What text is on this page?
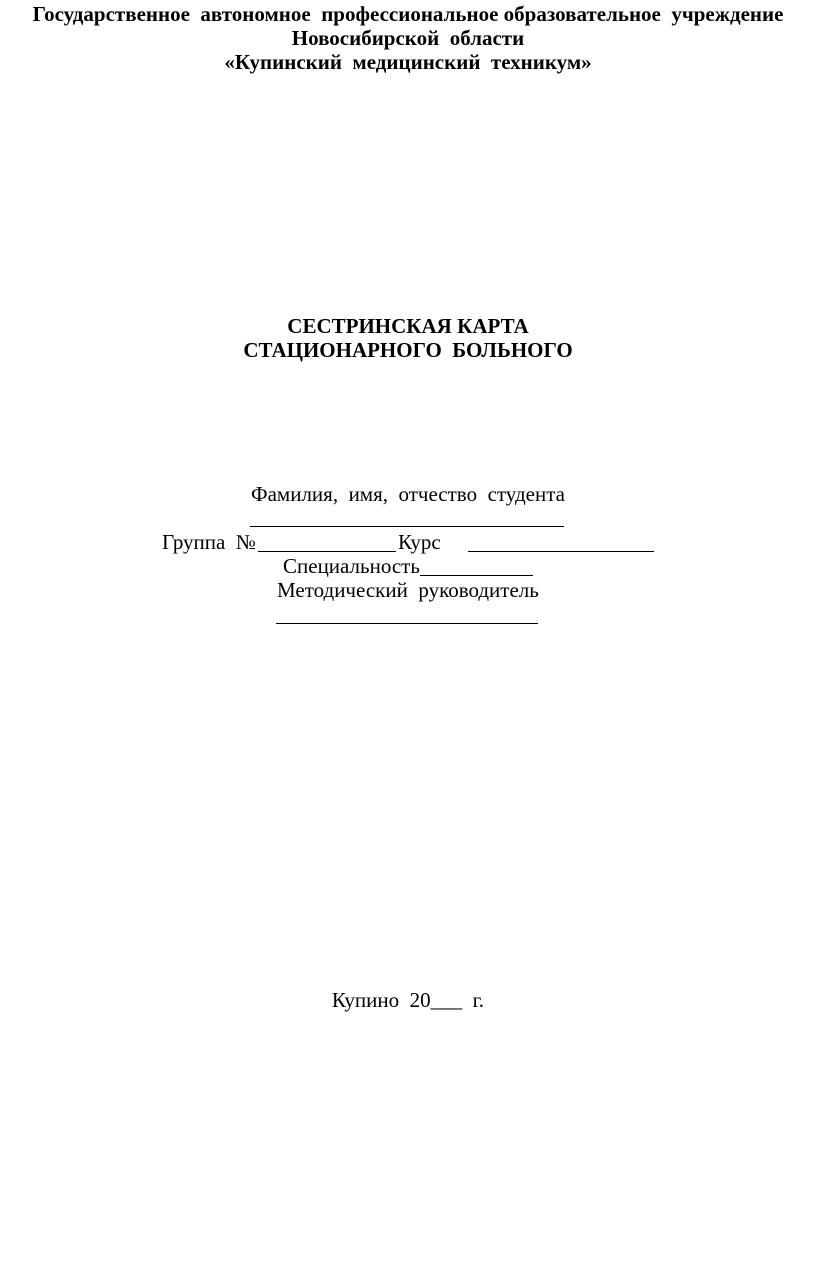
Государственное  автономное  профессиональное образовательное  учреждение
Новосибирской  области
«Купинский  медицинский  техникум»
СЕСТРИНСКАЯ КАРТА
СТАЦИОНАРНОГО  БОЛЬНОГО
Фамилия,  имя,  отчество  студента
Группа  №	Курс
Специальность
Методический  руководитель
Купино  20___  г.
